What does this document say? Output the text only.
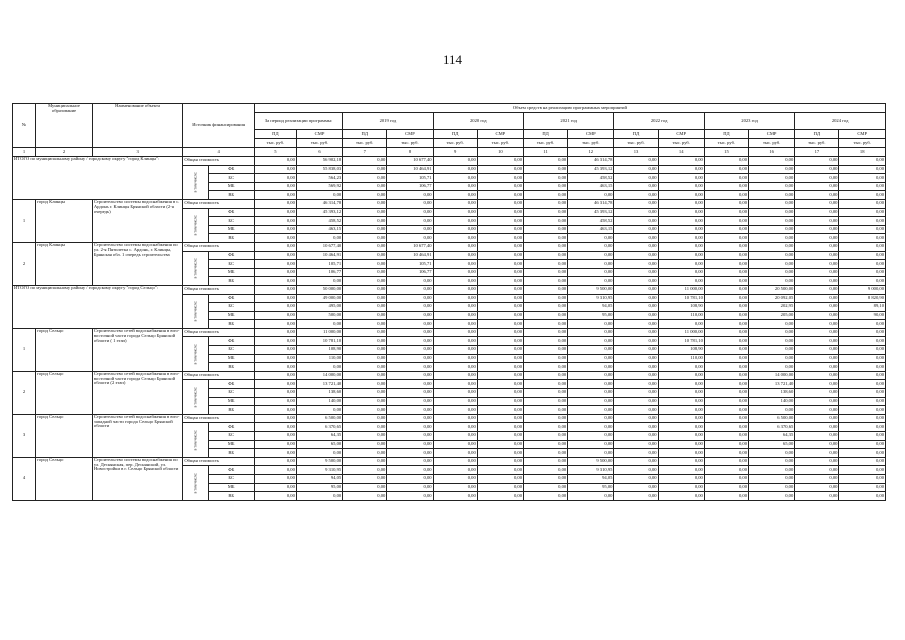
114
№	Муниципальное образование	Наименование объекта	Источник финансирования		Объем средств на реализацию программных мероприятий													
					За период реализации программы:		2019 год		2020 год		2021 год		2022 год		2023 год		2024 год	
					ПД	СМР	ПД	СМР	ПД	СМР	ПД	СМР	ПД	СМР	ПД	СМР	ПД	СМР
					тыс. руб.	тыс. руб.	тыс. руб.	тыс. руб.	тыс. руб.	тыс. руб.	тыс. руб.	тыс. руб.	тыс. руб.	тыс. руб.	тыс. руб.	тыс. руб.	тыс. руб.	тыс. руб.
1	2	3	4		5	6	7	8	9	10	11	12	13	14	15	16	17	18
ИТОГО по муниципальному району / городскому округу "город Клинцы":			Общая стоимость		0,00	56 902,18	0,00	10 677,40	0,00	0,00	0,00	46 314,78	0,00	0,00	0,00	0,00	0,00	0,00
			в том числе:	ФБ	0,00	55 838,03	0,00	10 464,91	0,00	0,00	0,00	45 393,12	0,00	0,00	0,00	0,00	0,00	0,00
				БС	0,00	564,23	0,00	105,71	0,00	0,00	0,00	458,52	0,00	0,00	0,00	0,00	0,00	0,00
				МБ	0,00	569,92	0,00	106,77	0,00	0,00	0,00	463,15	0,00	0,00	0,00	0,00	0,00	0,00
				ВБ	0,00	0,00	0,00	0,00	0,00	0,00	0,00	0,00	0,00	0,00	0,00	0,00	0,00	0,00
1	город Клинцы	Строительство системы водоснабжения в с. Ардонь г. Клинцы Брянской области (2-я очередь)	Общая стоимость		0,00	46 314,78	0,00	0,00	0,00	0,00	0,00	46 314,78	0,00	0,00	0,00	0,00	0,00	0,00
			в том числе:	ФБ	0,00	45 393,12	0,00	0,00	0,00	0,00	0,00	45 393,12	0,00	0,00	0,00	0,00	0,00	0,00
				БС	0,00	458,52	0,00	0,00	0,00	0,00	0,00	458,52	0,00	0,00	0,00	0,00	0,00	0,00
				МБ	0,00	463,15	0,00	0,00	0,00	0,00	0,00	463,15	0,00	0,00	0,00	0,00	0,00	0,00
				ВБ	0,00	0,00	0,00	0,00	0,00	0,00	0,00	0,00	0,00	0,00	0,00	0,00	0,00	0,00
2	город Клинцы	Строительство системы водоснабжения по ул. 2-я Пятилетка с. Ардонь, г. Клинцы, Брянская обл. 1 очередь строительства	Общая стоимость		0,00	10 677,40	0,00	10 677,40	0,00	0,00	0,00	0,00	0,00	0,00	0,00	0,00	0,00	0,00
			в том числе:	ФБ	0,00	10 464,91	0,00	10 464,91	0,00	0,00	0,00	0,00	0,00	0,00	0,00	0,00	0,00	0,00
				БС	0,00	105,71	0,00	105,71	0,00	0,00	0,00	0,00	0,00	0,00	0,00	0,00	0,00	0,00
				МБ	0,00	106,77	0,00	106,77	0,00	0,00	0,00	0,00	0,00	0,00	0,00	0,00	0,00	0,00
				ВБ	0,00	0,00	0,00	0,00	0,00	0,00	0,00	0,00	0,00	0,00	0,00	0,00	0,00	0,00
ИТОГО по муниципальному району / городскому округу "город Сельцо":			Общая стоимость		0,00	50 000,00	0,00	0,00	0,00	0,00	0,00	9 500,00	0,00	11 000,00	0,00	20 500,00	0,00	9 000,00
			в том числе:	ФБ	0,00	49 000,00	0,00	0,00	0,00	0,00	0,00	9 310,95	0,00	10 781,10	0,00	20 092,05	0,00	8 820,90
				БС	0,00	495,00	0,00	0,00	0,00	0,00	0,00	94,05	0,00	108,90	0,00	202,95	0,00	89,10
				МБ	0,00	500,00	0,00	0,00	0,00	0,00	0,00	95,00	0,00	110,00	0,00	205,00	0,00	90,00
				ВБ	0,00	0,00	0,00	0,00	0,00	0,00	0,00	0,00	0,00	0,00	0,00	0,00	0,00	0,00
1	город Сельцо	Строительство сетей водоснабжения в юго-восточной части города Сельцо Брянской области ( 1 этап)	Общая стоимость		0,00	11 000,00	0,00	0,00	0,00	0,00	0,00	0,00	0,00	11 000,00	0,00	0,00	0,00	0,00
			в том числе:	ФБ	0,00	10 781,10	0,00	0,00	0,00	0,00	0,00	0,00	0,00	10 781,10	0,00	0,00	0,00	0,00
				БС	0,00	108,90	0,00	0,00	0,00	0,00	0,00	0,00	0,00	108,90	0,00	0,00	0,00	0,00
				МБ	0,00	110,00	0,00	0,00	0,00	0,00	0,00	0,00	0,00	110,00	0,00	0,00	0,00	0,00
				ВБ	0,00	0,00	0,00	0,00	0,00	0,00	0,00	0,00	0,00	0,00	0,00	0,00	0,00	0,00
2	город Сельцо	Строительство сетей водоснабжения в юго-восточной части города Сельцо Брянской области (2 этап)	Общая стоимость		0,00	14 000,00	0,00	0,00	0,00	0,00	0,00	0,00	0,00	0,00	0,00	14 000,00	0,00	0,00
			в том числе:	ФБ	0,00	13 721,40	0,00	0,00	0,00	0,00	0,00	0,00	0,00	0,00	0,00	13 721,40	0,00	0,00
				БС	0,00	138,60	0,00	0,00	0,00	0,00	0,00	0,00	0,00	0,00	0,00	138,60	0,00	0,00
				МБ	0,00	140,00	0,00	0,00	0,00	0,00	0,00	0,00	0,00	0,00	0,00	140,00	0,00	0,00
				ВБ	0,00	0,00	0,00	0,00	0,00	0,00	0,00	0,00	0,00	0,00	0,00	0,00	0,00	0,00
3	город Сельцо	Строительство сетей водоснабжения в юго-западной части города Сельцо Брянской области	Общая стоимость		0,00	6 500,00	0,00	0,00	0,00	0,00	0,00	0,00	0,00	0,00	0,00	6 500,00	0,00	0,00
			в том числе:	ФБ	0,00	6 370,65	0,00	0,00	0,00	0,00	0,00	0,00	0,00	0,00	0,00	6 370,65	0,00	0,00
				БС	0,00	64,35	0,00	0,00	0,00	0,00	0,00	0,00	0,00	0,00	0,00	64,35	0,00	0,00
				МБ	0,00	65,00	0,00	0,00	0,00	0,00	0,00	0,00	0,00	0,00	0,00	65,00	0,00	0,00
				ВБ	0,00	0,00	0,00	0,00	0,00	0,00	0,00	0,00	0,00	0,00	0,00	0,00	0,00	0,00
4	город Сельцо	Строительство системы водоснабжения по ул. Деснянская, пер. Деснянский, ул. Новостройки в г. Сельцо Брянской области	Общая стоимость		0,00	9 500,00	0,00	0,00	0,00	0,00	0,00	9 500,00	0,00	0,00	0,00	0,00	0,00	0,00
			в том числе:	ФБ	0,00	9 310,95	0,00	0,00	0,00	0,00	0,00	9 310,95	0,00	0,00	0,00	0,00	0,00	0,00
				БС	0,00	94,05	0,00	0,00	0,00	0,00	0,00	94,05	0,00	0,00	0,00	0,00	0,00	0,00
				МБ	0,00	95,00	0,00	0,00	0,00	0,00	0,00	95,00	0,00	0,00	0,00	0,00	0,00	0,00
				ВБ	0,00	0,00	0,00	0,00	0,00	0,00	0,00	0,00	0,00	0,00	0,00	0,00	0,00	0,00
